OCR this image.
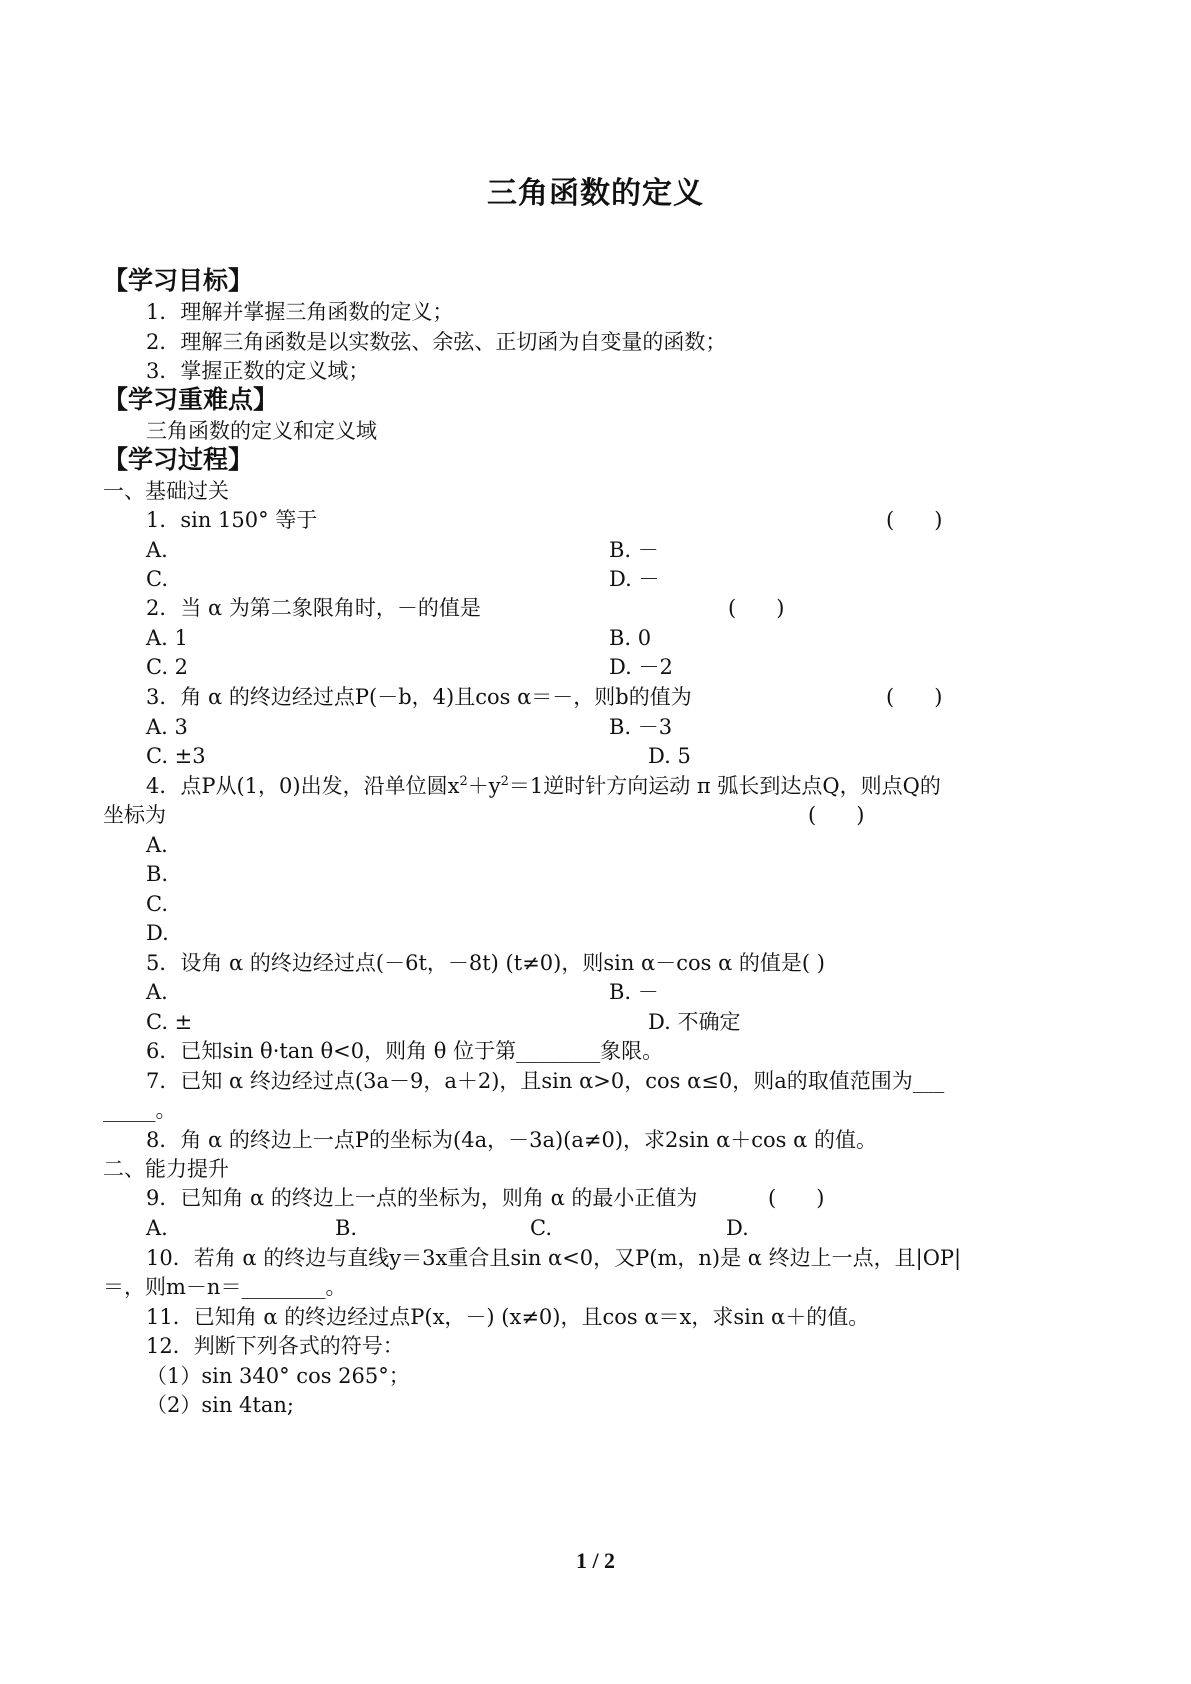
三角函数的定义
【学习目标】
1．理解并掌握三角函数的定义；
2．理解三角函数是以实数弦、余弦、正切函为自变量的函数；
3．掌握正数的定义域；
【学习重难点】
三角函数的定义和定义域
【学习过程】
一、基础过关
1．sin 150° 等于	(      )
A.	B. －
C.	D. －
2．当 α 为第二象限角时，－的值是	(      )
A. 1	B. 0
C. 2	D. －2
3．角 α 的终边经过点P(－b，4)且cos α＝－，则b的值为	(      )
A. 3	B. －3
C. ±3	D. 5
4．点P从(1，0)出发，沿单位圆$x^2+y^2=1$逆时针方向运动 π 弧长到达点Q，则点Q的
坐标为	(      )
A.
B.
C.
D.
5．设角 α 的终边经过点(－6t，－8t) (t≠0)，则sin α－cos α 的值是( )
A.	B. －
C. ±	D. 不确定
6．已知sin θ·tan θ<0，则角 θ 位于第________象限。
7．已知 α 终边经过点(3a－9，a＋2)，且sin α>0，cos α≤0，则a的取值范围为___
_____。
8．角 α 的终边上一点P的坐标为(4a，－3a)(a≠0)，求2sin α＋cos α 的值。
二、能力提升
9．已知角 α 的终边上一点的坐标为，则角 α 的最小正值为	(      )
A.	B.	C.	D.
10．若角 α 的终边与直线y＝3x重合且sin α<0，又P(m，n)是 α 终边上一点，且|OP|
＝，则m－n＝________。
11．已知角 α 的终边经过点P(x，－) (x≠0)，且cos α＝x，求sin α＋的值。
12．判断下列各式的符号：
（1）sin 340° cos 265°；
（2）sin 4tan;
1 / 2
